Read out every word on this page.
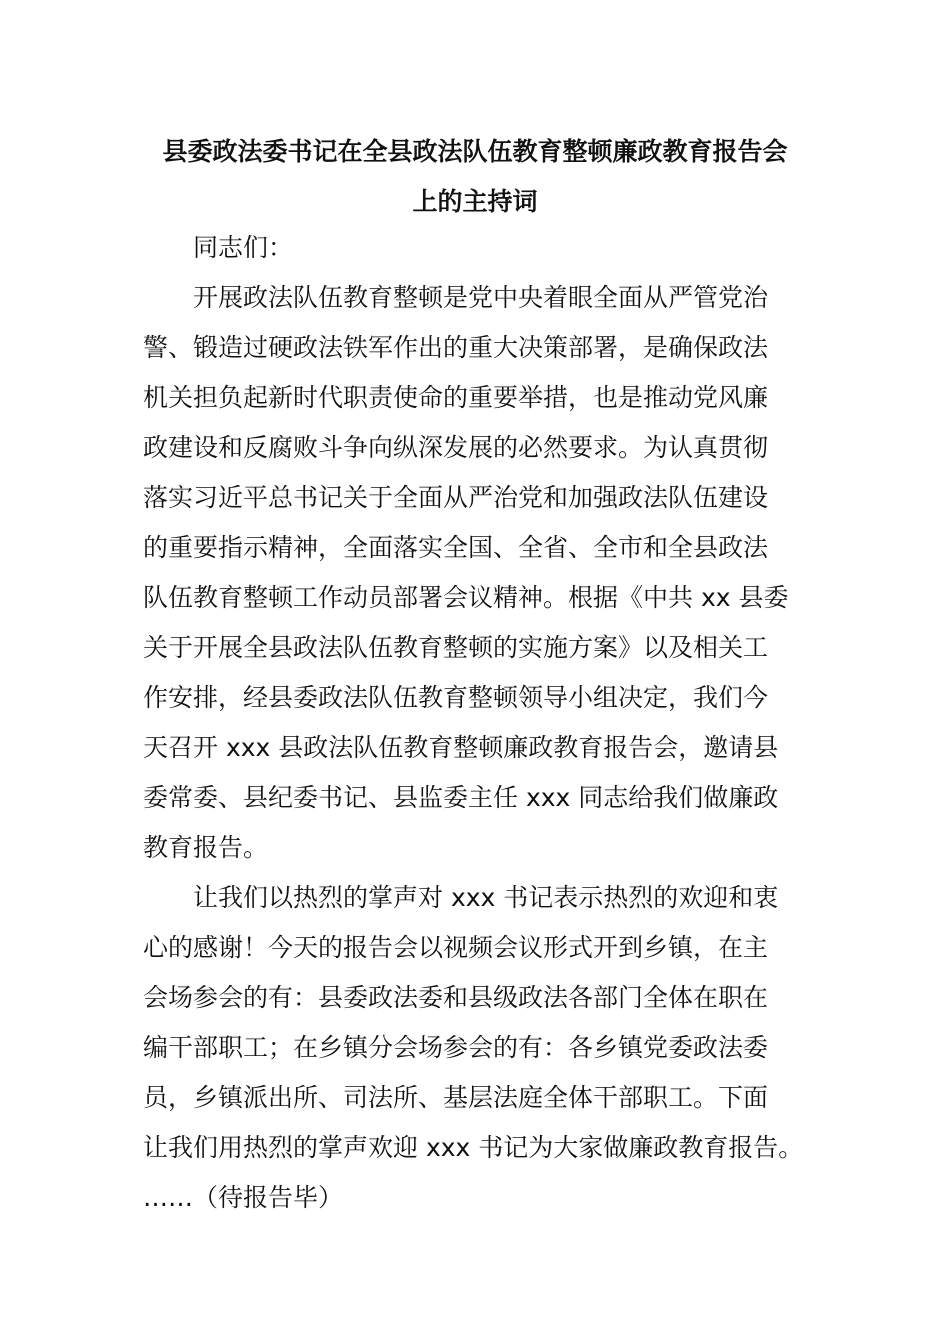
县委政法委书记在全县政法队伍教育整顿廉政教育报告会
上的主持词
同志们：
开展政法队伍教育整顿是党中央着眼全面从严管党治
警、锻造过硬政法铁军作出的重大决策部署，是确保政法
机关担负起新时代职责使命的重要举措，也是推动党风廉
政建设和反腐败斗争向纵深发展的必然要求。为认真贯彻
落实习近平总书记关于全面从严治党和加强政法队伍建设
的重要指示精神，全面落实全国、全省、全市和全县政法
队伍教育整顿工作动员部署会议精神。根据《中共 xx 县委
关于开展全县政法队伍教育整顿的实施方案》以及相关工
作安排，经县委政法队伍教育整顿领导小组决定，我们今
天召开 xxx 县政法队伍教育整顿廉政教育报告会，邀请县
委常委、县纪委书记、县监委主任 xxx 同志给我们做廉政
教育报告。
让我们以热烈的掌声对 xxx 书记表示热烈的欢迎和衷
心的感谢！今天的报告会以视频会议形式开到乡镇，在主
会场参会的有：县委政法委和县级政法各部门全体在职在
编干部职工；在乡镇分会场参会的有：各乡镇党委政法委
员，乡镇派出所、司法所、基层法庭全体干部职工。下面
让我们用热烈的掌声欢迎 xxx 书记为大家做廉政教育报告。
……（待报告毕）
